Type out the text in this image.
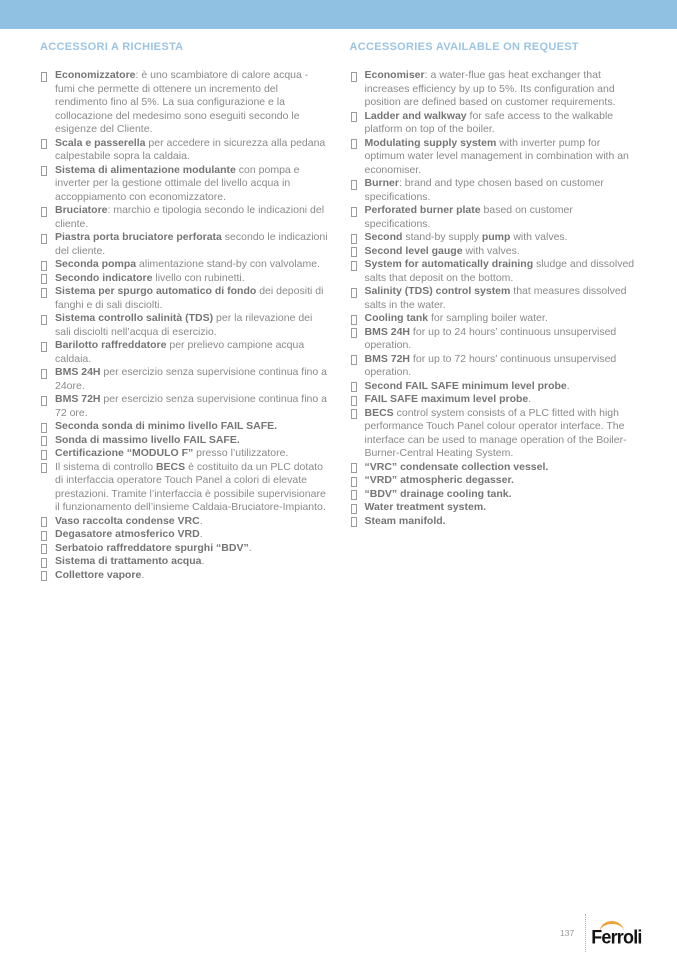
ACCESSORI A RICHIESTA
Economizzatore: è uno scambiatore di calore acqua - fumi che permette di ottenere un incremento del rendimento fino al 5%. La sua configurazione e la collocazione del medesimo sono eseguiti secondo le esigenze del Cliente.
Scala e passerella per accedere in sicurezza alla pedana calpestabile sopra la caldaia.
Sistema di alimentazione modulante con pompa e inverter per la gestione ottimale del livello acqua in accoppiamento con economizzatore.
Bruciatore: marchio e tipologia secondo le indicazioni del cliente.
Piastra porta bruciatore perforata secondo le indicazioni del cliente.
Seconda pompa alimentazione stand-by con valvolame.
Secondo indicatore livello con rubinetti.
Sistema per spurgo automatico di fondo dei depositi di fanghi e di sali disciolti.
Sistema controllo salinità (TDS) per la rilevazione dei sali disciolti nell’acqua di esercizio.
Barilotto raffreddatore per prelievo campione acqua caldaia.
BMS 24H per esercizio senza supervisione continua fino a 24ore.
BMS 72H per esercizio senza supervisione continua fino a 72 ore.
Seconda sonda di minimo livello FAIL SAFE.
Sonda di massimo livello FAIL SAFE.
Certificazione “MODULO F” presso l’utilizzatore.
Il sistema di controllo BECS è costituito da un PLC dotato di interfaccia operatore Touch Panel a colori di elevate prestazioni. Tramite l’interfaccia è possibile supervisionare il funzionamento dell’insieme Caldaia-Bruciatore-Impianto.
Vaso raccolta condense VRC.
Degasatore atmosferico VRD.
Serbatoio raffreddatore spurghi “BDV”.
Sistema di trattamento acqua.
Collettore vapore.
ACCESSORIES AVAILABLE ON REQUEST
Economiser: a water-flue gas heat exchanger that increases efficiency by up to 5%. Its configuration and position are defined based on customer requirements.
Ladder and walkway for safe access to the walkable platform on top of the boiler.
Modulating supply system with inverter pump for optimum water level management in combination with an economiser.
Burner: brand and type chosen based on customer specifications.
Perforated burner plate based on customer specifications.
Second stand-by supply pump with valves.
Second level gauge with valves.
System for automatically draining sludge and dissolved salts that deposit on the bottom.
Salinity (TDS) control system that measures dissolved salts in the water.
Cooling tank for sampling boiler water.
BMS 24H for up to 24 hours’ continuous unsupervised operation.
BMS 72H for up to 72 hours’ continuous unsupervised operation.
Second FAIL SAFE minimum level probe.
FAIL SAFE maximum level probe.
BECS control system consists of a PLC fitted with high performance Touch Panel colour operator interface. The interface can be used to manage operation of the Boiler-Burner-Central Heating System.
“VRC” condensate collection vessel.
“VRD” atmospheric degasser.
“BDV” drainage cooling tank.
Water treatment system.
Steam manifold.
137 Ferroli
